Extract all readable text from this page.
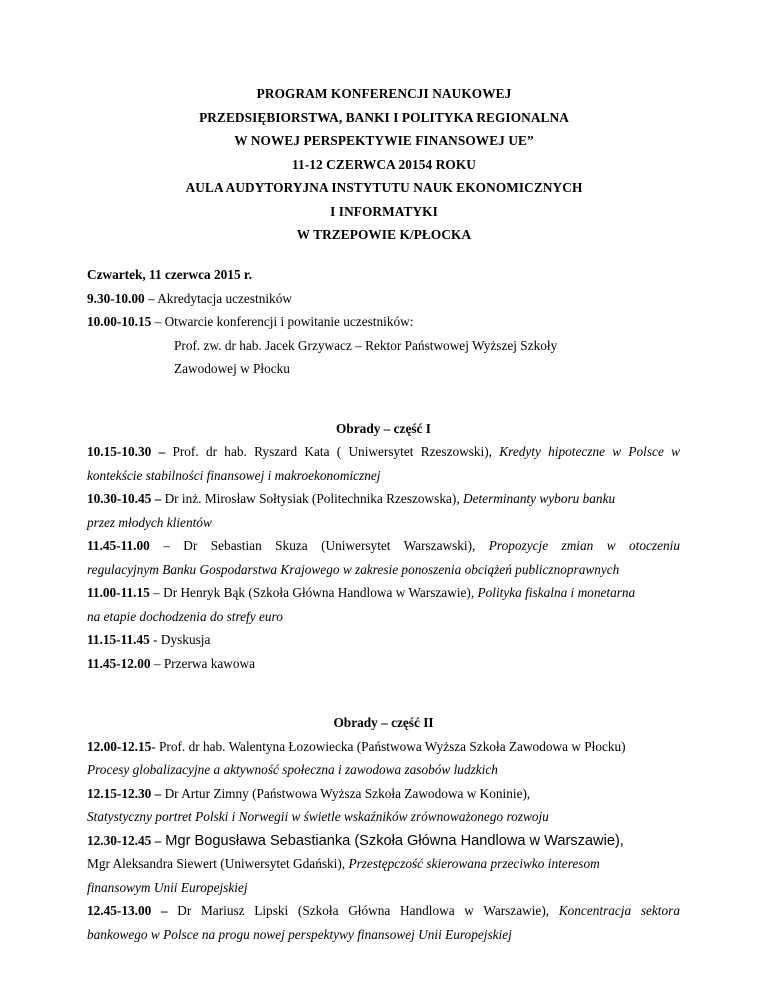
PROGRAM KONFERENCJI NAUKOWEJ
PRZEDSIĘBIORSTWA, BANKI I POLITYKA REGIONALNA
W NOWEJ PERSPEKTYWIE FINANSOWEJ UE”
11-12 CZERWCA 20154 ROKU
AULA AUDYTORYJNA INSTYTUTU NAUK EKONOMICZNYCH
I INFORMATYKI
W TRZEPOWIE K/PŁOCKA
Czwartek, 11 czerwca 2015 r.
9.30-10.00 – Akredytacja uczestników
10.00-10.15 – Otwarcie konferencji i powitanie uczestników:
Prof. zw. dr hab. Jacek Grzywacz – Rektor Państwowej Wyższej Szkoły
Zawodowej w Płocku
Obrady – część I
10.15-10.30 – Prof. dr hab. Ryszard Kata ( Uniwersytet Rzeszowski), Kredyty hipoteczne w Polsce w
kontekście stabilności finansowej i makroekonomicznej
10.30-10.45 – Dr inż. Mirosław Sołtysiak (Politechnika Rzeszowska), Determinanty wyboru banku
przez młodych klientów
11.45-11.00 – Dr Sebastian Skuza (Uniwersytet Warszawski), Propozycje zmian w otoczeniu
regulacyjnym Banku Gospodarstwa Krajowego w zakresie ponoszenia obciążeń publicznoprawnych
11.00-11.15 – Dr Henryk Bąk (Szkoła Główna Handlowa w Warszawie), Polityka fiskalna i monetarna
na etapie dochodzenia do strefy euro
11.15-11.45 - Dyskusja
11.45-12.00 – Przerwa kawowa
Obrady – część II
12.00-12.15- Prof. dr hab. Walentyna Łozowiecka (Państwowa Wyższa Szkoła Zawodowa w Płocku)
Procesy globalizacyjne a aktywność społeczna i zawodowa zasobów ludzkich
12.15-12.30 – Dr Artur Zimny (Państwowa Wyższa Szkoła Zawodowa w Koninie),
Statystyczny portret Polski i Norwegii w świetle wskaźników zrównoważonego rozwoju
12.30-12.45 – Mgr Bogusława Sebastianka (Szkoła Główna Handlowa w Warszawie),
Mgr Aleksandra Siewert (Uniwersytet Gdański), Przestępczość skierowana przeciwko interesom
finansowym Unii Europejskiej
12.45-13.00 – Dr Mariusz Lipski (Szkoła Główna Handlowa w Warszawie), Koncentracja sektora
bankowego w Polsce na progu nowej perspektywy finansowej Unii Europejskiej
